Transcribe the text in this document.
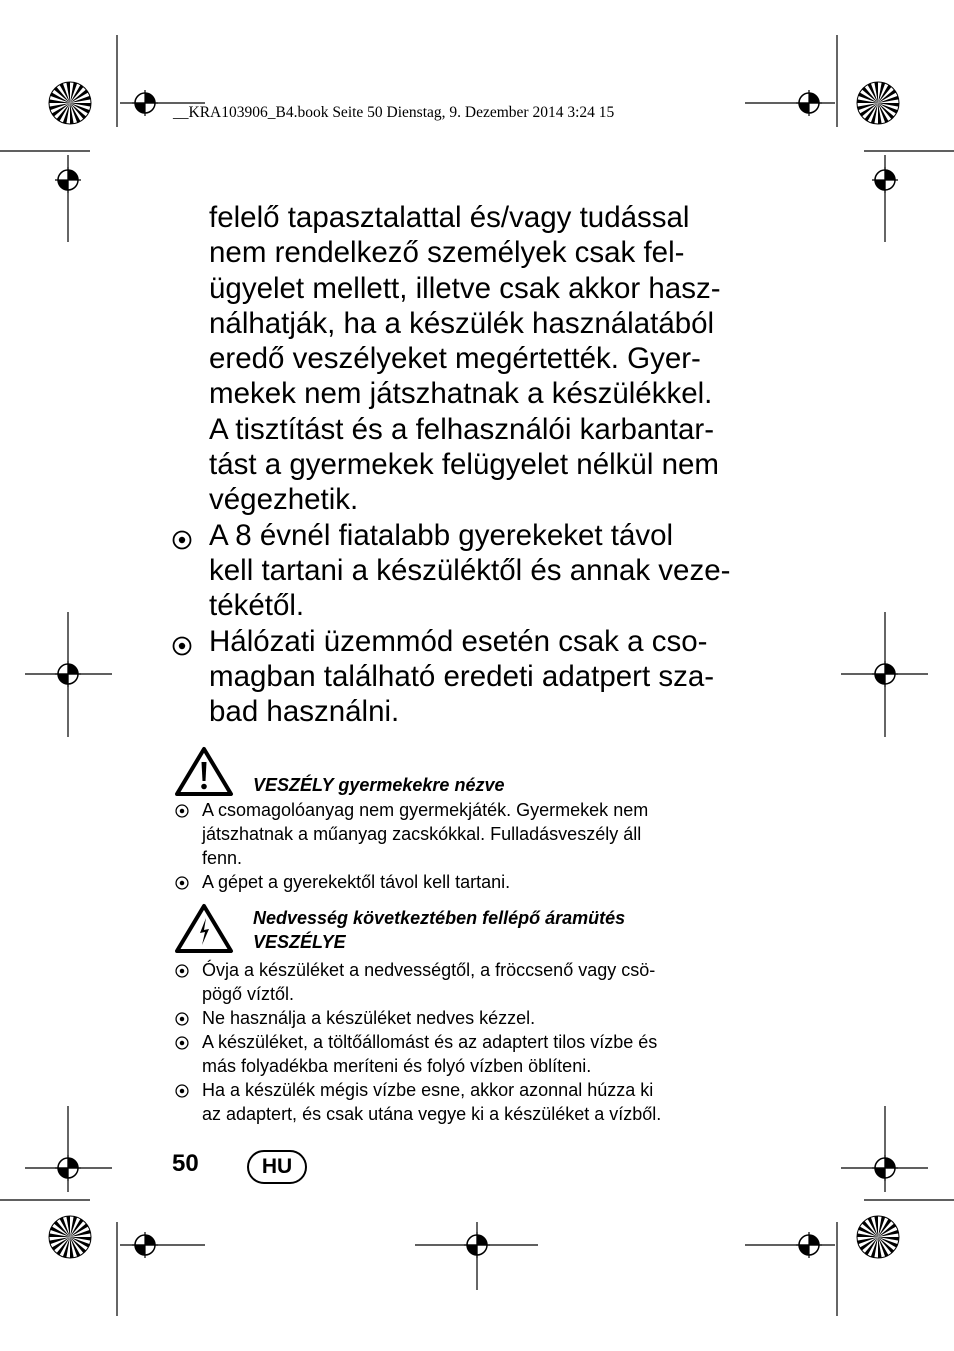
__KRA103906_B4.book Seite 50 Dienstag, 9. Dezember 2014 3:24 15
felelő tapasztalattal és/vagy tudással
nem rendelkező személyek csak fel-
ügyelet mellett, illetve csak akkor hasz-
nálhatják, ha a készülék használatából
eredő veszélyeket megértették. Gyer-
mekek nem játszhatnak a készülékkel.
A tisztítást és a felhasználói karbantar-
tást a gyermekek felügyelet nélkül nem
végezhetik.
A 8 évnél fiatalabb gyerekeket távol
kell tartani a készüléktől és annak veze-
tékétől.
Hálózati üzemmód esetén csak a cso-
magban található eredeti adatpert sza-
bad használni.
VESZÉLY gyermekekre nézve
A csomagolóanyag nem gyermekjáték. Gyermekek nem
játszhatnak a műanyag zacskókkal. Fulladásveszély áll
fenn.
A gépet a gyerekektől távol kell tartani.
Nedvesség következtében fellépő áramütés
VESZÉLYE
Óvja a készüléket a nedvességtől, a fröccsenő vagy csö-
pögő víztől.
Ne használja a készüléket nedves kézzel.
A készüléket, a töltőállomást és az adaptert tilos vízbe és
más folyadékba meríteni és folyó vízben öblíteni.
Ha a készülék mégis vízbe esne, akkor azonnal húzza ki
az adaptert, és csak utána vegye ki a készüléket a vízből.
50	HU
